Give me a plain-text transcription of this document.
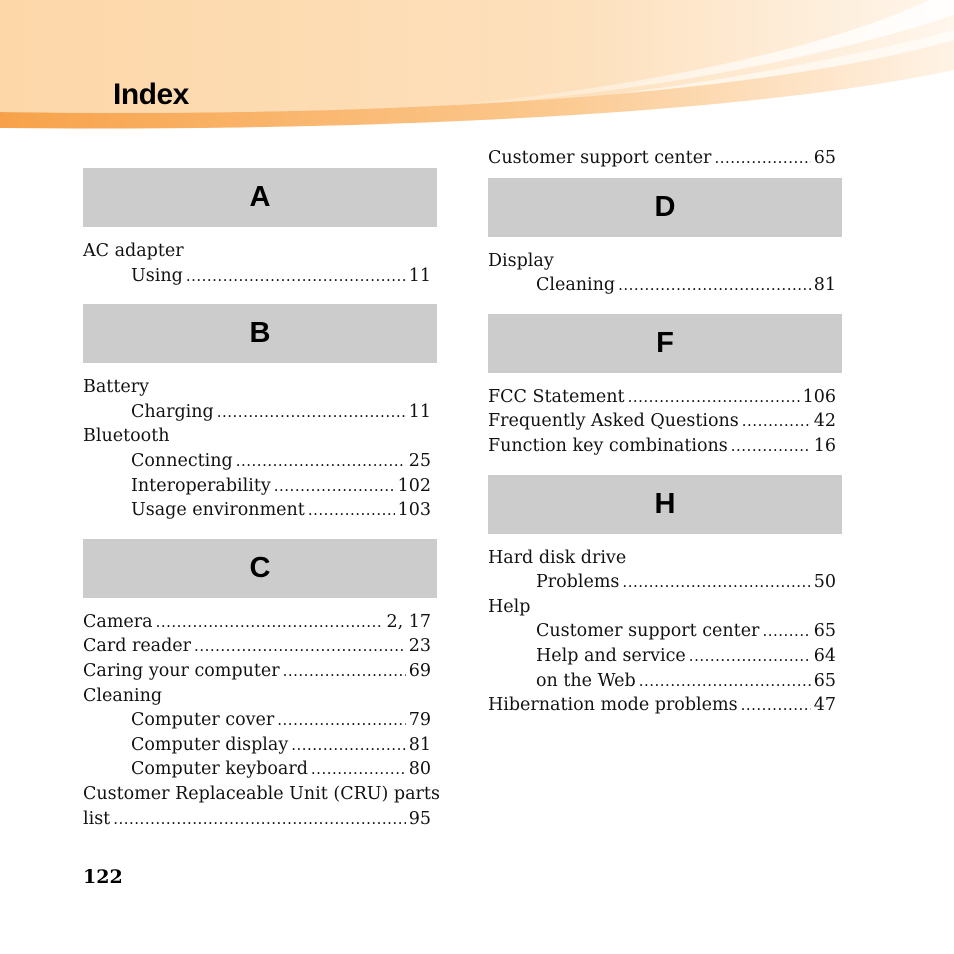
Index
Customer support center .....	65
D
Display
Cleaning .....	81
F
FCC Statement .....	106
Frequently Asked Questions .....	42
Function key combinations .....	16
H
Hard disk drive
Problems .....	50
Help
Customer support center .....	65
Help and service .....	64
on the Web .....	65
Hibernation mode problems .....	47
A
AC adapter
Using .....	11
B
Battery
Charging .....	11
Bluetooth
Connecting .....	25
Interoperability .....	102
Usage environment .....	103
C
Camera .....	2, 17
Card reader .....	23
Caring your computer .....	69
Cleaning
Computer cover .....	79
Computer display .....	81
Computer keyboard .....	80
Customer Replaceable Unit (CRU) parts
list .....	95
122
